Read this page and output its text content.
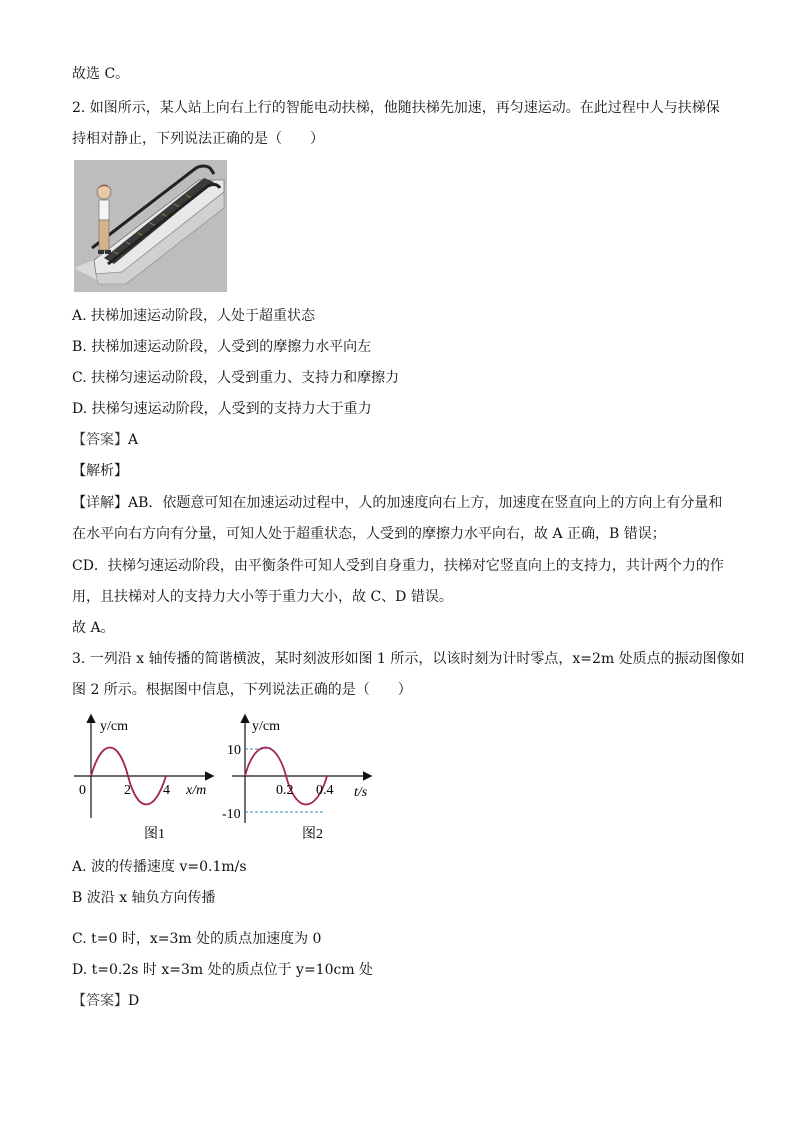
故选 C。
2. 如图所示，某人站上向右上行的智能电动扶梯，他随扶梯先加速，再匀速运动。在此过程中人与扶梯保
持相对静止，下列说法正确的是（　　）
A. 扶梯加速运动阶段，人处于超重状态
B. 扶梯加速运动阶段，人受到的摩擦力水平向左
C. 扶梯匀速运动阶段，人受到重力、支持力和摩擦力
D. 扶梯匀速运动阶段，人受到的支持力大于重力
【答案】A
【解析】
【详解】AB．依题意可知在加速运动过程中，人的加速度向右上方，加速度在竖直向上的方向上有分量和
在水平向右方向有分量，可知人处于超重状态，人受到的摩擦力水平向右，故 A 正确，B 错误；
CD．扶梯匀速运动阶段，由平衡条件可知人受到自身重力，扶梯对它竖直向上的支持力，共计两个力的作
用，且扶梯对人的支持力大小等于重力大小，故 C、D 错误。
故 A。
3. 一列沿 x 轴传播的简谐横波，某时刻波形如图 1 所示，以该时刻为计时零点，x=2m 处质点的振动图像如
图 2 所示。根据图中信息，下列说法正确的是（　　）
y/cm
0	2 4 x/m
图1
y/cm
10
-10
0.2 0.4 t/s
图2
A. 波的传播速度 v=0.1m/s
B 波沿 x 轴负方向传播
C. t=0 时，x=3m 处的质点加速度为 0
D. t=0.2s 时 x=3m 处的质点位于 y=10cm 处
【答案】D
